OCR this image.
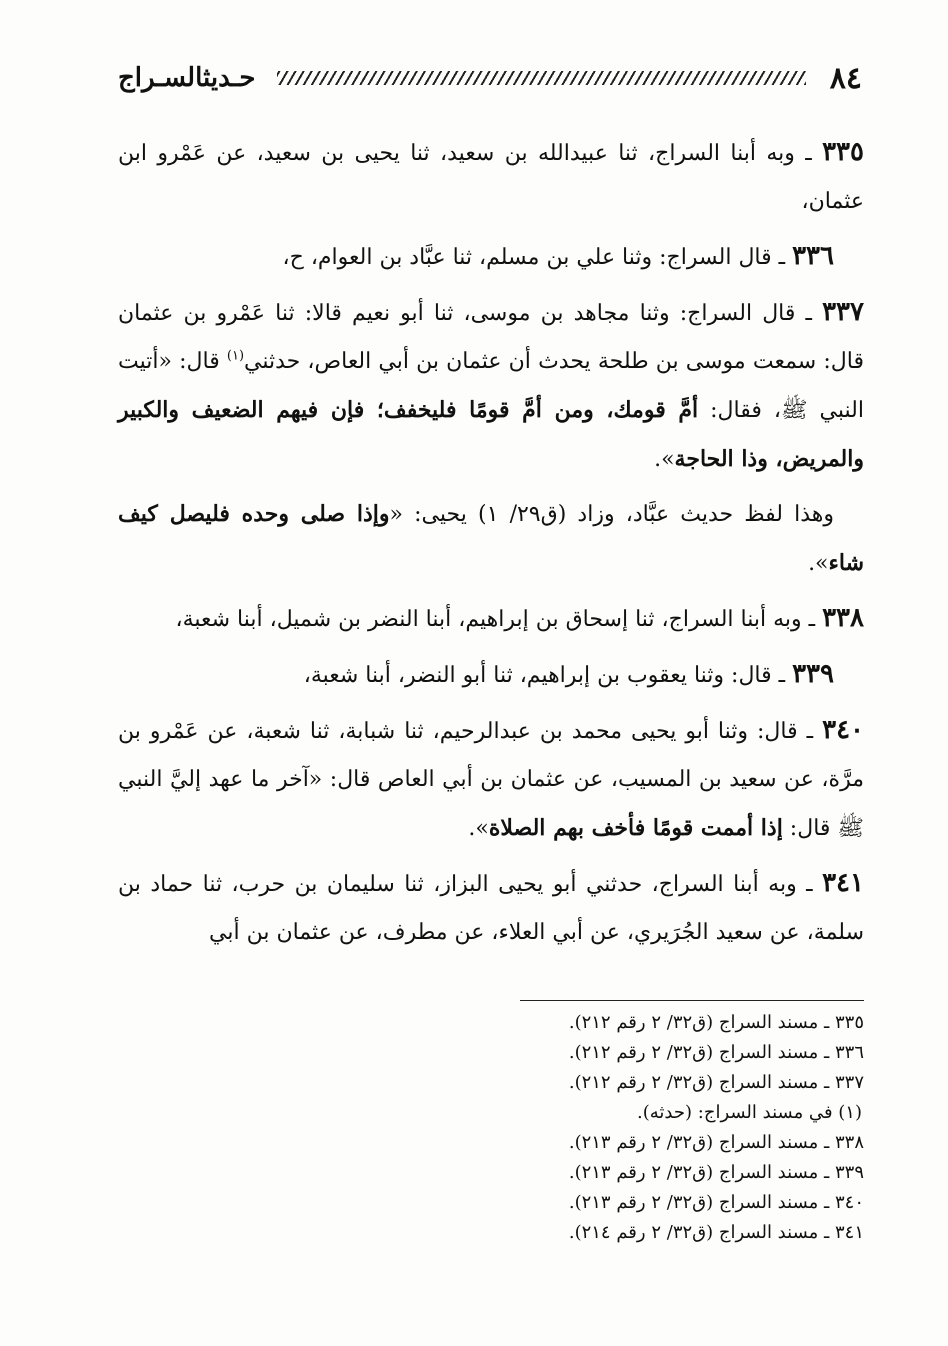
٨٤
حـديثالسـراج

٣٣٥ ـ وبه أبنا السراج، ثنا عبيدالله بن سعيد، ثنا يحيى بن سعيد، عن عَمْرو ابن عثمان،

٣٣٦ ـ قال السراج: وثنا علي بن مسلم، ثنا عبَّاد بن العوام، ح،

٣٣٧ ـ قال السراج: وثنا مجاهد بن موسى، ثنا أبو نعيم قالا: ثنا عَمْرو بن عثمان قال: سمعت موسى بن طلحة يحدث أن عثمان بن أبي العاص، حدثني$^{(١)}$ قال: «أتيت النبي ﷺ، فقال: أمَّ قومك، ومن أمَّ قومًا فليخفف؛ فإن فيهم الضعيف والكبير والمريض، وذا الحاجة».

وهذا لفظ حديث عبَّاد، وزاد (ق٢٩/ ١) يحيى: «وإذا صلى وحده فليصل كيف شاء».

٣٣٨ ـ وبه أبنا السراج، ثنا إسحاق بن إبراهيم، أبنا النضر بن شميل، أبنا شعبة،

٣٣٩ ـ قال: وثنا يعقوب بن إبراهيم، ثنا أبو النضر، أبنا شعبة،

٣٤٠ ـ قال: وثنا أبو يحيى محمد بن عبدالرحيم، ثنا شبابة، ثنا شعبة، عن عَمْرو بن مرَّة، عن سعيد بن المسيب، عن عثمان بن أبي العاص قال: «آخر ما عهد إليَّ النبي ﷺ قال: إذا أممت قومًا فأخف بهم الصلاة».

٣٤١ ـ وبه أبنا السراج، حدثني أبو يحيى البزاز، ثنا سليمان بن حرب، ثنا حماد بن سلمة، عن سعيد الجُرَيري، عن أبي العلاء، عن مطرف، عن عثمان بن أبي

٣٣٥ ـ مسند السراج (ق٣٢/ ٢ رقم ٢١٢).
٣٣٦ ـ مسند السراج (ق٣٢/ ٢ رقم ٢١٢).
٣٣٧ ـ مسند السراج (ق٣٢/ ٢ رقم ٢١٢).
(١) في مسند السراج: (حدثه).
٣٣٨ ـ مسند السراج (ق٣٢/ ٢ رقم ٢١٣).
٣٣٩ ـ مسند السراج (ق٣٢/ ٢ رقم ٢١٣).
٣٤٠ ـ مسند السراج (ق٣٢/ ٢ رقم ٢١٣).
٣٤١ ـ مسند السراج (ق٣٢/ ٢ رقم ٢١٤).
